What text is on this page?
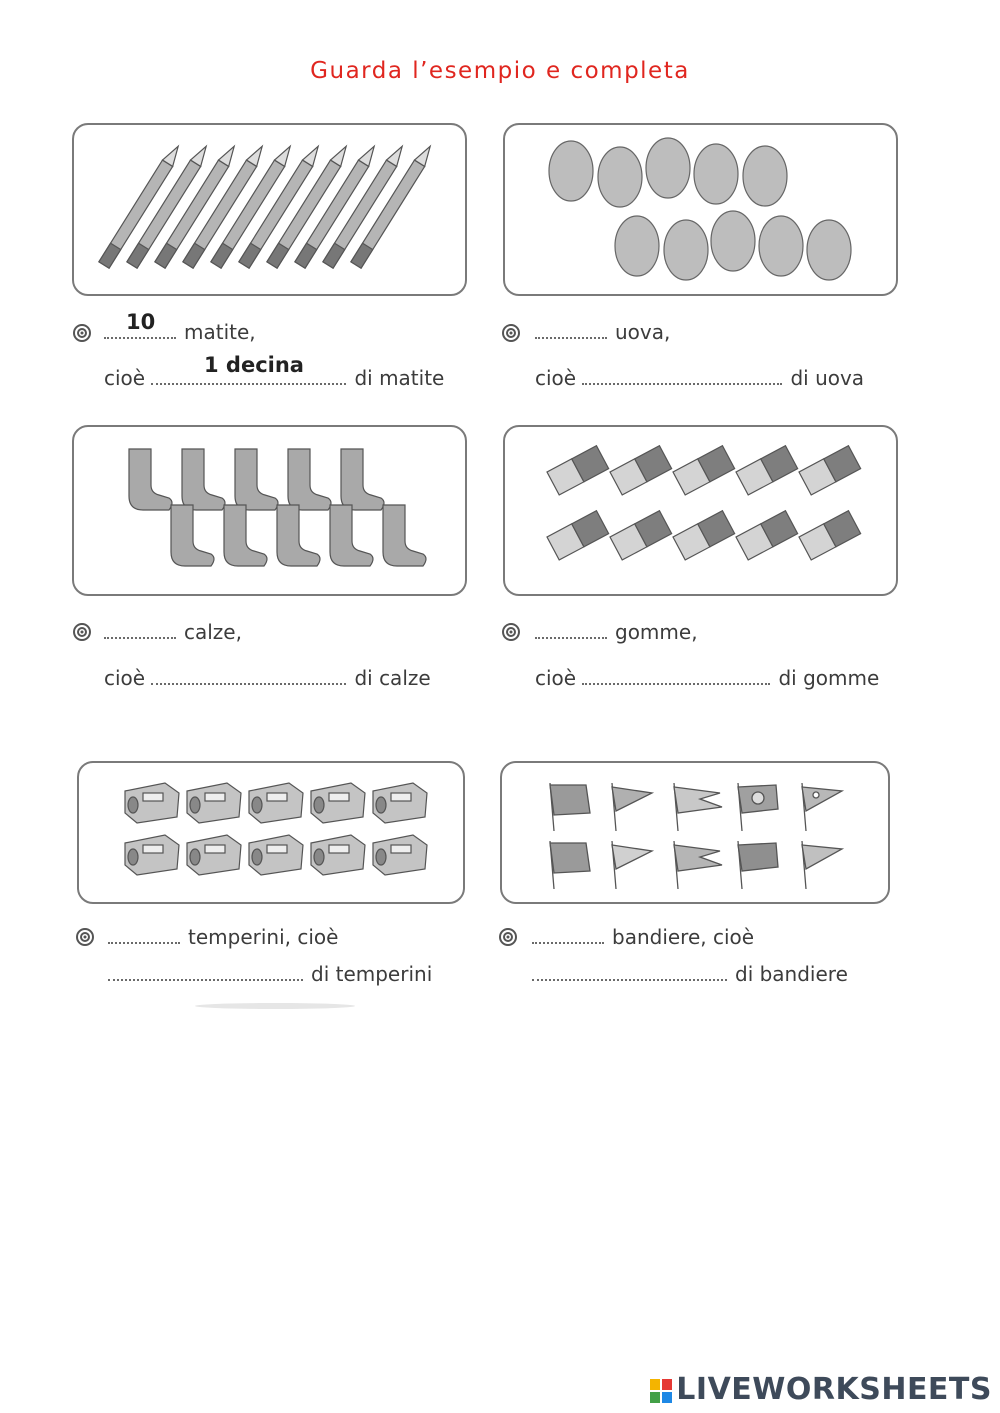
Guarda l’esempio e completa
matite,
10
cioè	di matite
1 decina
uova,
cioè	di uova
calze,
cioè	di calze
gomme,
cioè	di gomme
temperini, cioè
di temperini
bandiere, cioè
di bandiere
LIVEWORKSHEETS
